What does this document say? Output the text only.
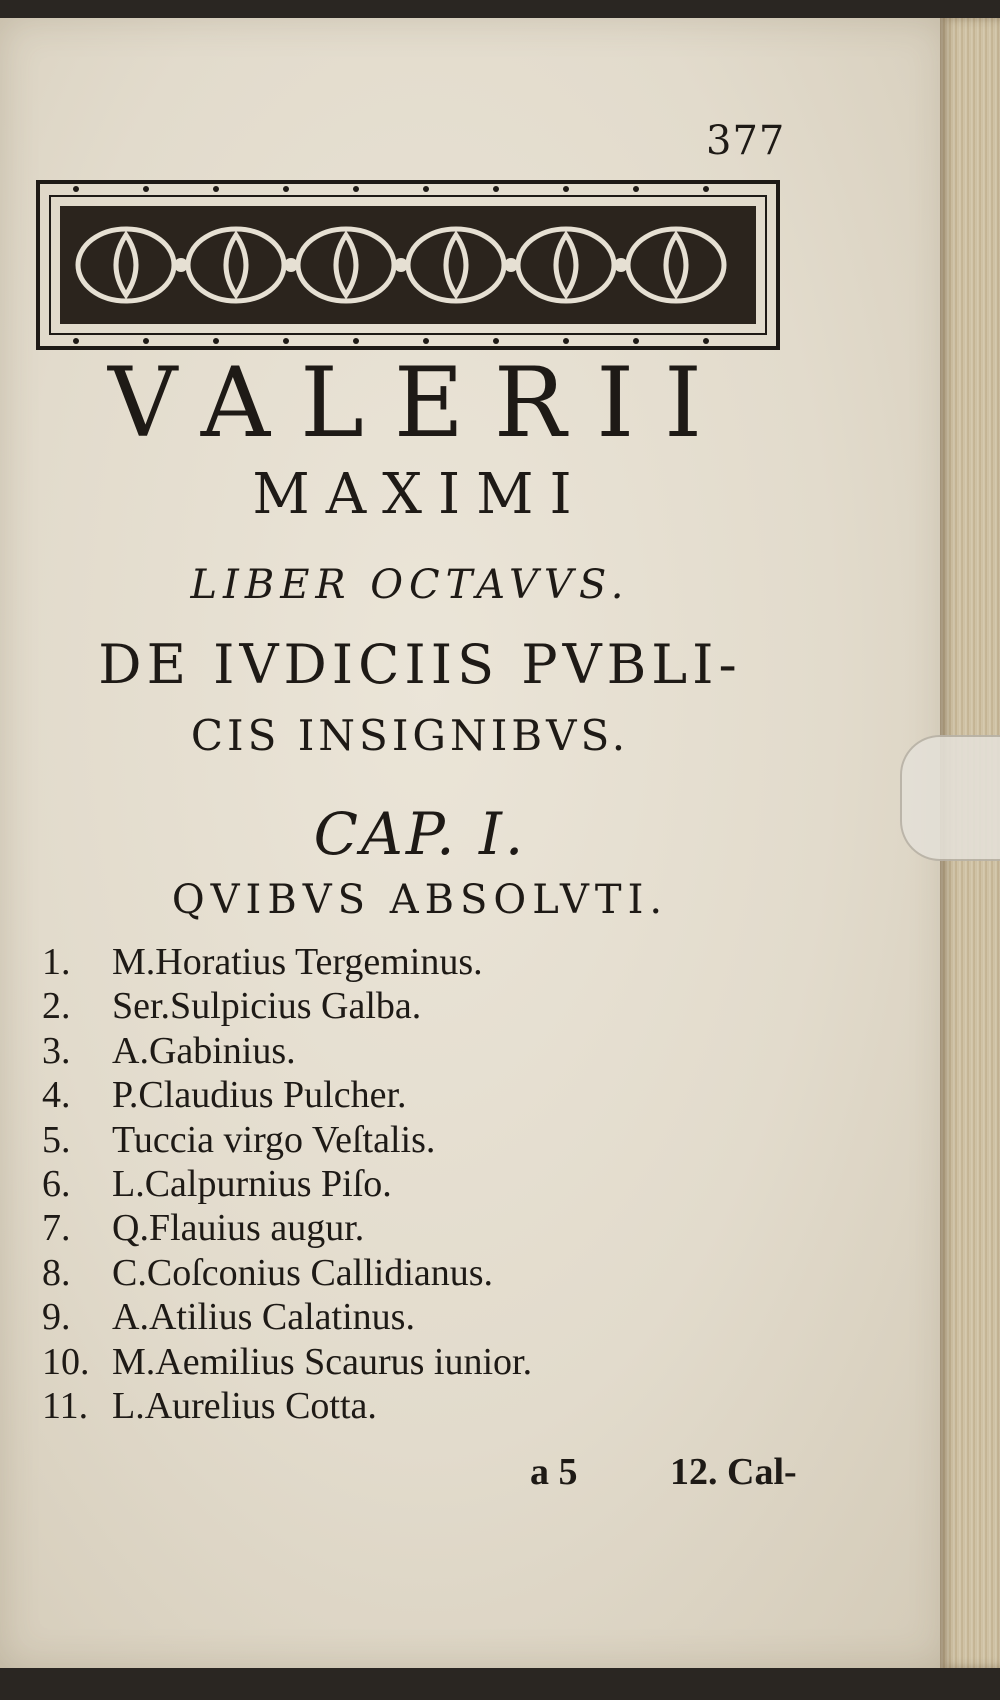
377
VALERII
MAXIMI
LIBER OCTAVVS.
DE IVDICIIS PVBLI-
CIS INSIGNIBVS.
CAP. I.
QVIBVS ABSOLVTI.
1.	M.Horatius Tergeminus.
2.	Ser.Sulpicius Galba.
3.	A.Gabinius.
4.	P.Claudius Pulcher.
5.	Tuccia virgo Veſtalis.
6.	L.Calpurnius Piſo.
7.	Q.Flauius augur.
8.	C.Coſconius Callidianus.
9.	A.Atilius Calatinus.
10. M.Aemilius Scaurus iunior.
11. L.Aurelius Cotta.
a 5 12. Cal-
